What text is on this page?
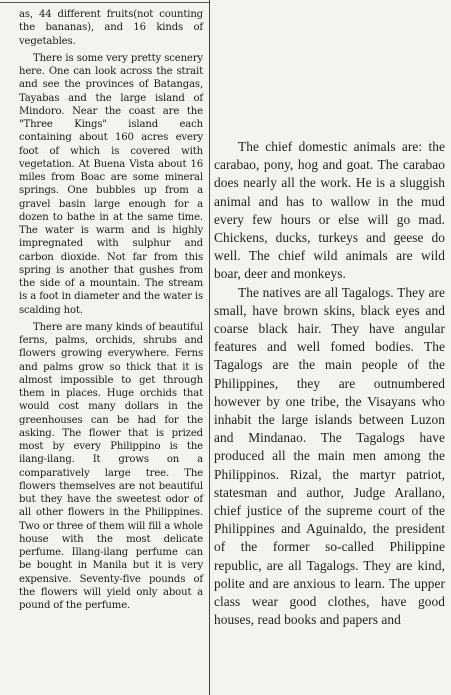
as, 44 different fruits(not counting the bananas), and 16 kinds of vegetables.

There is some very pretty scenery here. One can look across the strait and see the provinces of Batangas, Tayabas and the large island of Mindoro. Near the coast are the "Three Kings" island each containing about 160 acres every foot of which is covered with vegetation. At Buena Vista about 16 miles from Boac are some mineral springs. One bubbles up from a gravel basin large enough for a dozen to bathe in at the same time. The water is warm and is highly impregnated with sulphur and carbon dioxide. Not far from this spring is another that gushes from the side of a mountain. The stream is a foot in diameter and the water is scalding hot.

There are many kinds of beautiful ferns, palms, orchids, shrubs and flowers growing everywhere. Ferns and palms grow so thick that it is almost impossible to get through them in places. Huge orchids that would cost many dollars in the greenhouses can be had for the asking. The flower that is prized most by every Philippino is the ilang-ilang. It grows on a comparatively large tree. The flowers themselves are not beautiful but they have the sweetest odor of all other flowers in the Philippines. Two or three of them will fill a whole house with the most delicate perfume. Illang-ilang perfume can be bought in Manila but it is very expensive. Seventy-five pounds of the flowers will yield only about a pound of the perfume.

The chief domestic animals are: the carabao, pony, hog and goat. The carabao does nearly all the work. He is a sluggish animal and has to wallow in the mud every few hours or else will go mad. Chickens, ducks, turkeys and geese do well. The chief wild animals are wild boar, deer and monkeys.

The natives are all Tagalogs. They are small, have brown skins, black eyes and coarse black hair. They have angular features and well fomed bodies. The Tagalogs are the main people of the Philippines, they are outnumbered however by one tribe, the Visayans who inhabit the large islands between Luzon and Mindanao. The Tagalogs have produced all the main men among the Philippinos. Rizal, the martyr patriot, statesman and author, Judge Arallano, chief justice of the supreme court of the Philippines and Aguinaldo, the president of the former so-called Philippine republic, are all Tagalogs. They are kind, polite and are anxious to learn. The upper class wear good clothes, have good houses, read books and papers and
